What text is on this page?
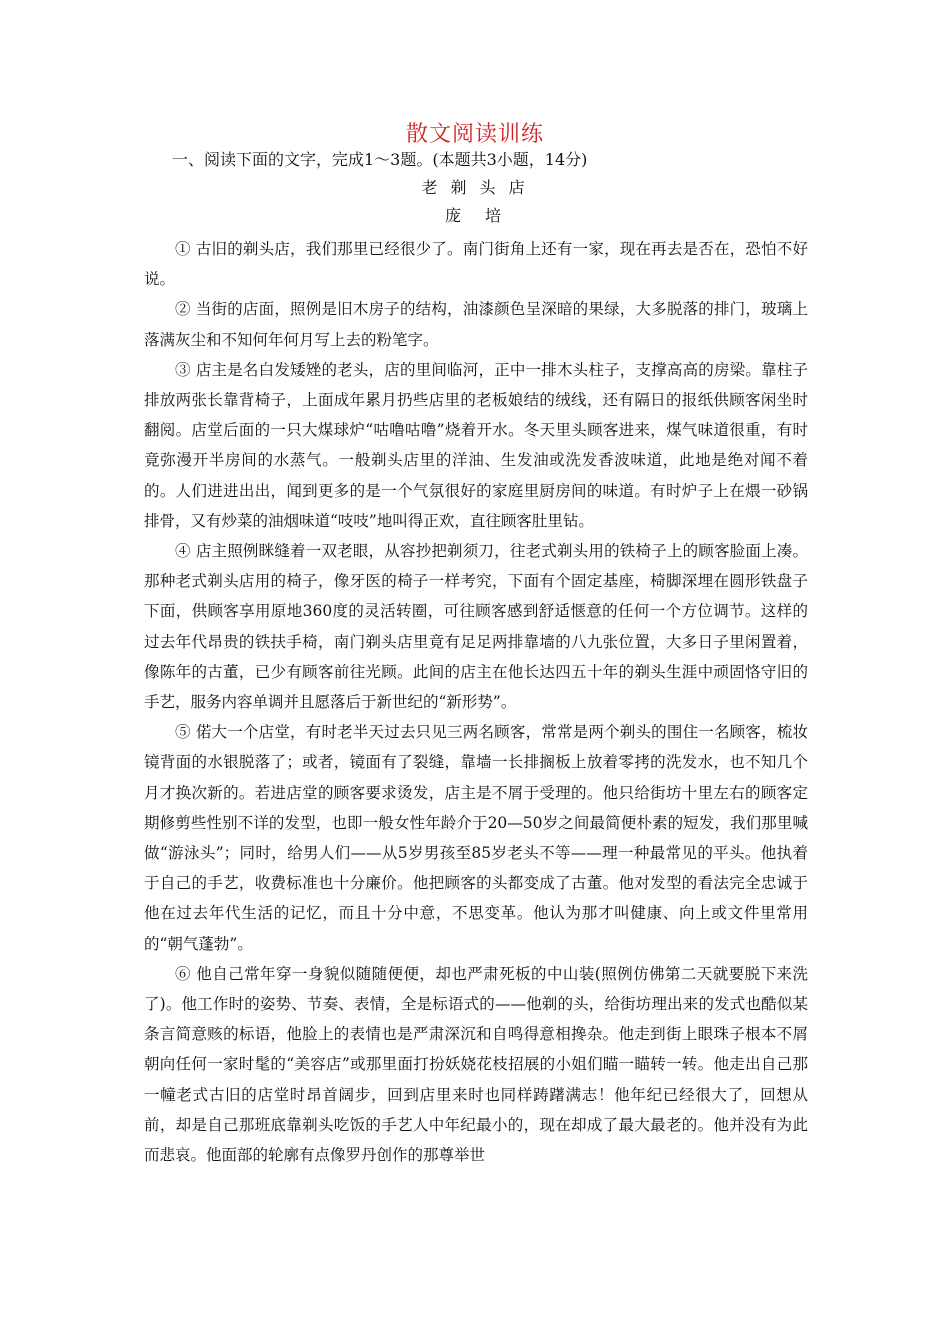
散文阅读训练
一、阅读下面的文字，完成1～3题。(本题共3小题，14分)
老 剃 头 店
庞　培

① 古旧的剃头店，我们那里已经很少了。南门街角上还有一家，现在再去是否在，恐怕不好说。

② 当街的店面，照例是旧木房子的结构，油漆颜色呈深暗的果绿，大多脱落的排门，玻璃上落满灰尘和不知何年何月写上去的粉笔字。

③ 店主是名白发矮矬的老头，店的里间临河，正中一排木头柱子，支撑高高的房梁。靠柱子排放两张长靠背椅子，上面成年累月扔些店里的老板娘结的绒线，还有隔日的报纸供顾客闲坐时翻阅。店堂后面的一只大煤球炉“咕噜咕噜”烧着开水。冬天里头顾客进来，煤气味道很重，有时竟弥漫开半房间的水蒸气。一般剃头店里的洋油、生发油或洗发香波味道，此地是绝对闻不着的。人们进进出出，闻到更多的是一个气氛很好的家庭里厨房间的味道。有时炉子上在煨一砂锅排骨，又有炒菜的油烟味道“吱吱”地叫得正欢，直往顾客肚里钻。

④ 店主照例眯缝着一双老眼，从容抄把剃须刀，往老式剃头用的铁椅子上的顾客脸面上凑。那种老式剃头店用的椅子，像牙医的椅子一样考究，下面有个固定基座，椅脚深埋在圆形铁盘子下面，供顾客享用原地360度的灵活转圈，可往顾客感到舒适惬意的任何一个方位调节。这样的过去年代昂贵的铁扶手椅，南门剃头店里竟有足足两排靠墙的八九张位置，大多日子里闲置着，像陈年的古董，已少有顾客前往光顾。此间的店主在他长达四五十年的剃头生涯中顽固恪守旧的手艺，服务内容单调并且愿落后于新世纪的“新形势”。

⑤ 偌大一个店堂，有时老半天过去只见三两名顾客，常常是两个剃头的围住一名顾客，梳妆镜背面的水银脱落了；或者，镜面有了裂缝，靠墙一长排搁板上放着零拷的洗发水，也不知几个月才换次新的。若进店堂的顾客要求烫发，店主是不屑于受理的。他只给街坊十里左右的顾客定期修剪些性别不详的发型，也即一般女性年龄介于20—50岁之间最简便朴素的短发，我们那里喊做“游泳头”；同时，给男人们——从5岁男孩至85岁老头不等——理一种最常见的平头。他执着于自己的手艺，收费标准也十分廉价。他把顾客的头都变成了古董。他对发型的看法完全忠诚于他在过去年代生活的记忆，而且十分中意，不思变革。他认为那才叫健康、向上或文件里常用的“朝气蓬勃”。

⑥ 他自己常年穿一身貌似随随便便，却也严肃死板的中山装(照例仿佛第二天就要脱下来洗了)。他工作时的姿势、节奏、表情，全是标语式的——他剃的头，给街坊理出来的发式也酷似某条言简意赅的标语，他脸上的表情也是严肃深沉和自鸣得意相搀杂。他走到街上眼珠子根本不屑朝向任何一家时髦的“美容店”或那里面打扮妖娆花枝招展的小姐们瞄一瞄转一转。他走出自己那一幢老式古旧的店堂时昂首阔步，回到店里来时也同样踌躇满志！他年纪已经很大了，回想从前，却是自己那班底靠剃头吃饭的手艺人中年纪最小的，现在却成了最大最老的。他并没有为此而悲哀。他面部的轮廓有点像罗丹创作的那尊举世
